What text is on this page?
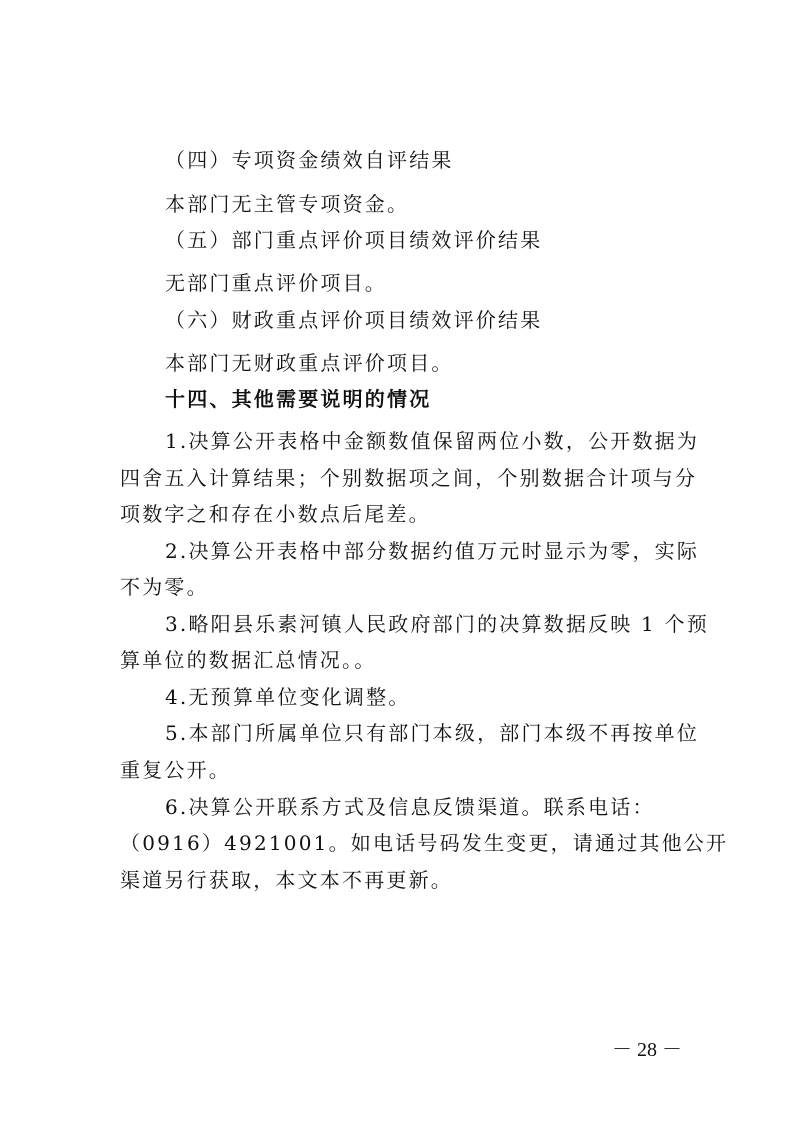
（四）专项资金绩效自评结果
本部门无主管专项资金。
（五）部门重点评价项目绩效评价结果
无部门重点评价项目。
（六）财政重点评价项目绩效评价结果
本部门无财政重点评价项目。
十四、其他需要说明的情况
1.决算公开表格中金额数值保留两位小数，公开数据为
四舍五入计算结果；个别数据项之间，个别数据合计项与分
项数字之和存在小数点后尾差。
2.决算公开表格中部分数据约值万元时显示为零，实际
不为零。
3.略阳县乐素河镇人民政府部门的决算数据反映 1 个预
算单位的数据汇总情况。。
4.无预算单位变化调整。
5.本部门所属单位只有部门本级，部门本级不再按单位
重复公开。
6.决算公开联系方式及信息反馈渠道。联系电话：
（0916）4921001。如电话号码发生变更，请通过其他公开
渠道另行获取，本文本不再更新。
－ 28 －
